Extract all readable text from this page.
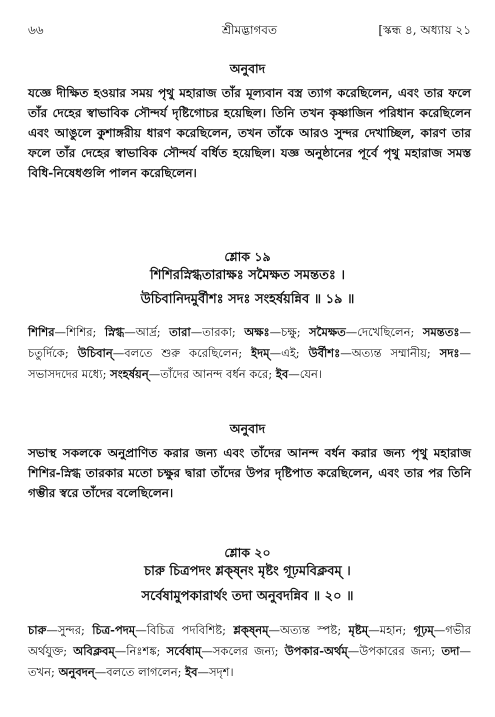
৬৬	শ্রীমদ্ভাগবত	[স্কন্ধ ৪, অধ্যায় ২১
অনুবাদ

যজ্ঞে দীক্ষিত হওয়ার সময় পৃথু মহারাজ তাঁর মূল্যবান বস্ত্র ত্যাগ করেছিলেন, এবং তার ফলে তাঁর দেহের স্বাভাবিক সৌন্দর্য দৃষ্টিগোচর হয়েছিল। তিনি তখন কৃষ্ণাজিন পরিধান করেছিলেন এবং আঙুলে কুশাঙ্গরীয় ধারণ করেছিলেন, তখন তাঁকে আরও সুন্দর দেখাচ্ছিল, কারণ তার ফলে তাঁর দেহের স্বাভাবিক সৌন্দর্য বর্ধিত হয়েছিল। যজ্ঞ অনুষ্ঠানের পূর্বে পৃথু মহারাজ সমস্ত বিধি-নিষেধগুলি পালন করেছিলেন।

শ্লোক ১৯

শিশিরস্নিগ্ধতারাক্ষঃ সমৈক্ষত সমন্ততঃ ।

উচিবানিদমুর্বীশঃ সদঃ সংহর্ষয়ন্নিব ॥ ১৯ ॥

শিশির—শিশির; স্নিগ্ধ—আর্দ্র; তারা—তারকা; অক্ষঃ—চক্ষু; সমৈক্ষত—দেখেছিলেন; সমন্ততঃ—চতুর্দিকে; উচিবান্—বলতে শুরু করেছিলেন; ইদম্—এই; উর্বীশঃ—অত্যন্ত সম্মানীয়; সদঃ—সভাসদদের মধ্যে; সংহর্ষয়ন্—তাঁদের আনন্দ বর্ধন করে; ইব—যেন।

অনুবাদ

সভাস্থ সকলকে অনুপ্রাণিত করার জন্য এবং তাঁদের আনন্দ বর্ধন করার জন্য পৃথু মহারাজ শিশির-স্নিগ্ধ তারকার মতো চক্ষুর দ্বারা তাঁদের উপর দৃষ্টিপাত করেছিলেন, এবং তার পর তিনি গম্ভীর স্বরে তাঁদের বলেছিলেন।

শ্লোক ২০

চারু চিত্রপদং শ্লক্ষ্নং মৃষ্টং গূঢ়মবিক্লবম্ ।

সর্বেষামুপকারার্থং তদা অনুবদন্নিব ॥ ২০ ॥

চারু—সুন্দর; চিত্র-পদম্—বিচিত্র পদবিশিষ্ট; শ্লক্ষ্নম্—অত্যন্ত স্পষ্ট; মৃষ্টম্—মহান; গূঢ়ম্—গভীর অর্থযুক্ত; অবিক্লবম্—নিঃশঙ্ক; সর্বেষাম্—সকলের জন্য; উপকার-অর্থম্—উপকারের জন্য; তদা—তখন; অনুবদন্—বলতে লাগলেন; ইব—সদৃশ।
